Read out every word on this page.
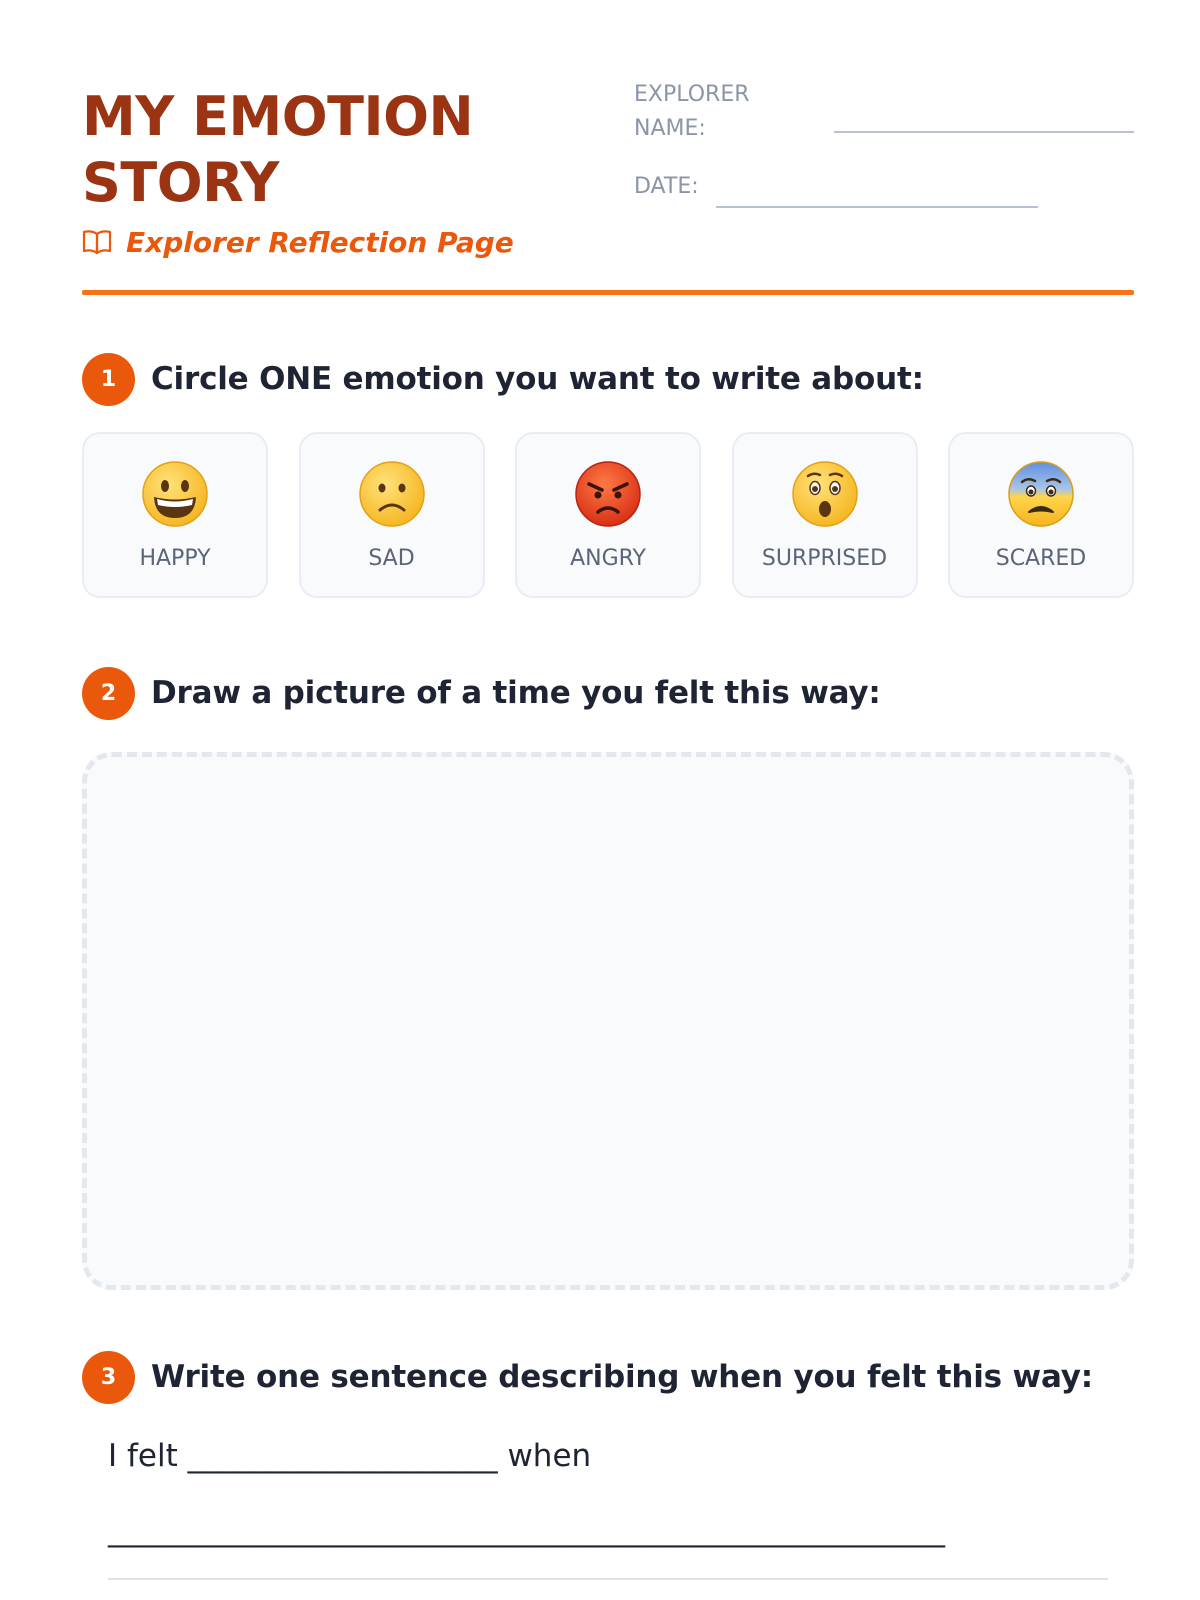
MY EMOTION
STORY
Explorer Reflection Page
EXPLORER
NAME:
DATE:
1	Circle ONE emotion you want to write about:
HAPPY	SAD	ANGRY	SURPRISED	SCARED
2	Draw a picture of a time you felt this way:
3	Write one sentence describing when you felt this way:
I felt ____________________ when
______________________________________________________
